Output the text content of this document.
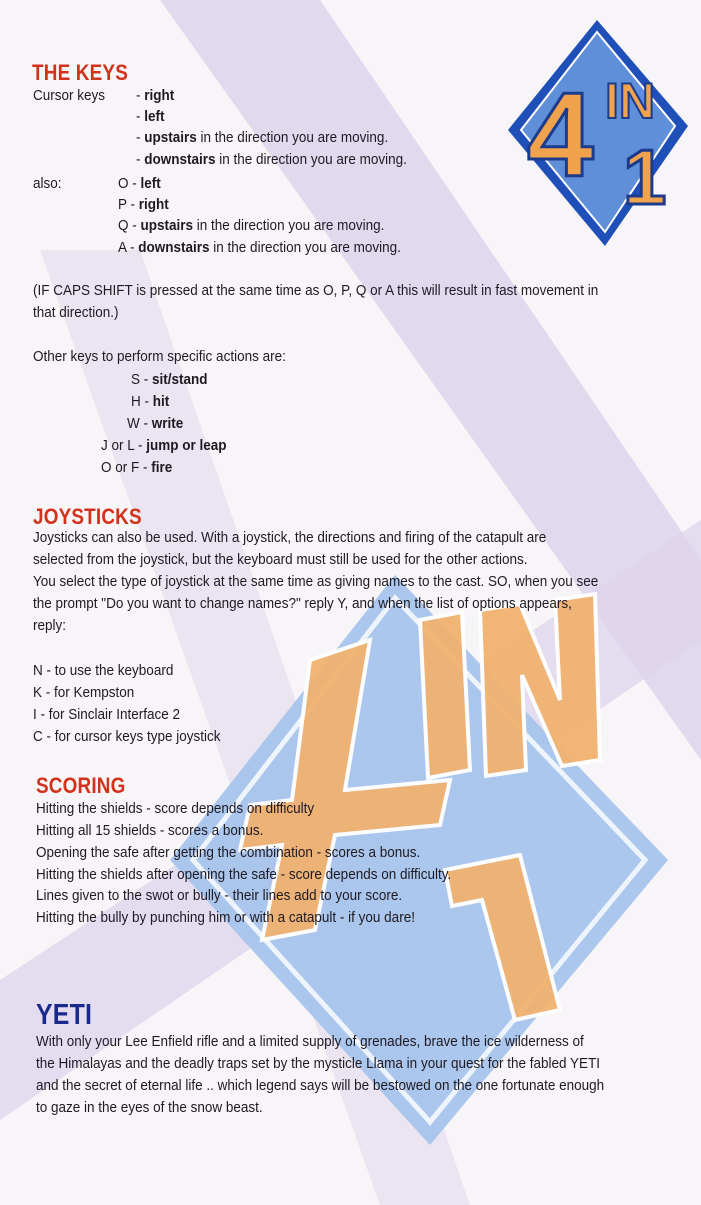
4 IN
1
THE KEYS
Cursor keys - right
- left
- upstairs in the direction you are moving.
- downstairs in the direction you are moving.
also:	O - left
P - right
Q - upstairs in the direction you are moving.
A - downstairs in the direction you are moving.
(IF CAPS SHIFT is pressed at the same time as O, P, Q or A this will result in fast movement in
that direction.)
Other keys to perform specific actions are:
S - sit/stand
H - hit
W - write
J or L - jump or leap
O or F - fire
JOYSTICKS
Joysticks can also be used. With a joystick, the directions and firing of the catapult are
selected from the joystick, but the keyboard must still be used for the other actions.
You select the type of joystick at the same time as giving names to the cast. SO, when you see
the prompt "Do you want to change names?" reply Y, and when the list of options appears,
reply:
N - to use the keyboard
K - for Kempston
I - for Sinclair Interface 2
C - for cursor keys type joystick
SCORING
Hitting the shields - score depends on difficulty
Hitting all 15 shields - scores a bonus.
Opening the safe after getting the combination - scores a bonus.
Hitting the shields after opening the safe - score depends on difficulty.
Lines given to the swot or bully - their lines add to your score.
Hitting the bully by punching him or with a catapult - if you dare!
YETI
With only your Lee Enfield rifle and a limited supply of grenades, brave the ice wilderness of
the Himalayas and the deadly traps set by the mysticle Llama in your quest for the fabled YETI
and the secret of eternal life .. which legend says will be bestowed on the one fortunate enough
to gaze in the eyes of the snow beast.
